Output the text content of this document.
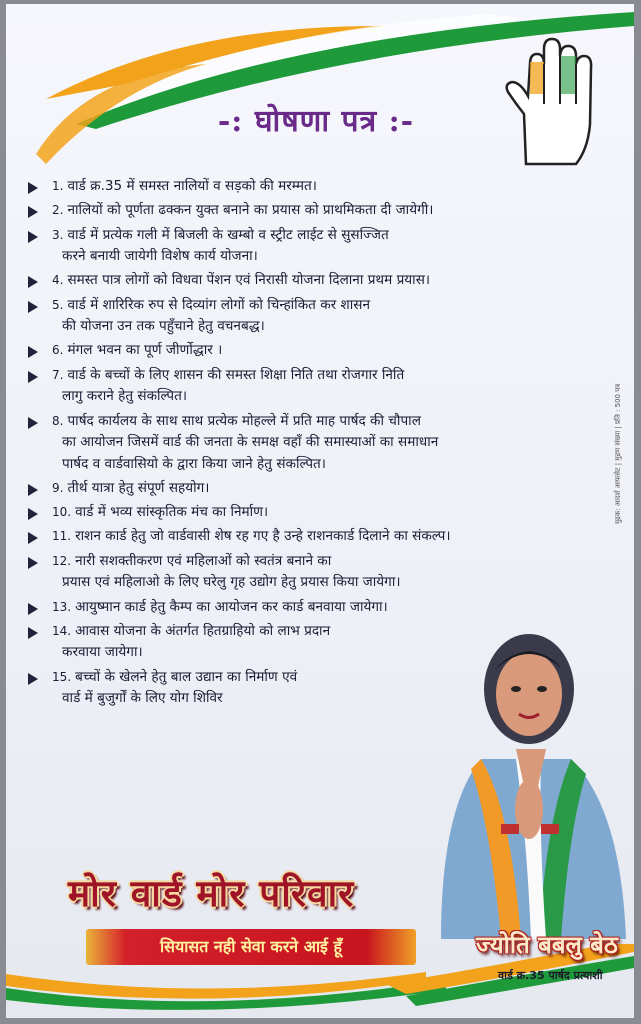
-: घोषणा पत्र :-
1. वार्ड क्र.35 में समस्त नालियों व सड़को की मरम्मत।
2. नालियों को पूर्णता ढक्कन युक्त बनाने का प्रयास को प्राथमिकता दी जायेगी।
3. वार्ड में प्रत्येक गली में बिजली के खम्बो व स्ट्रीट लाईट से सुसज्जित
करने बनायी जायेगी विशेष कार्य योजना।
4. समस्त पात्र लोगों को विधवा पेंशन एवं निरासी योजना दिलाना प्रथम प्रयास।
5. वार्ड में शारिरिक रुप से दिव्यांग लोगों को चिन्हांकित कर शासन
की योजना उन तक पहुँचाने हेतु वचनबद्ध।
6. मंगल भवन का पूर्ण जीर्णोद्धार ।
7. वार्ड के बच्चों के लिए शासन की समस्त शिक्षा निति तथा रोजगार निति
लागु कराने हेतु संकल्पित।
8. पार्षद कार्यलय के साथ साथ प्रत्येक मोहल्ले में प्रति माह पार्षद की चौपाल
का आयोजन जिसमें वार्ड की जनता के समक्ष वहाँ की समास्याओं का समाधान
पार्षद व वार्डवासियो के द्वारा किया जाने हेतु संकल्पित।
9. तीर्थ यात्रा हेतु संपूर्ण सहयोग।
10. वार्ड में भव्य सांस्कृतिक मंच का निर्माण।
11. राशन कार्ड हेतु जो वार्डवासी शेष रह गए है उन्हे राशनकार्ड दिलाने का संकल्प।
12. नारी सशक्तीकरण एवं महिलाओं को स्वतंत्र बनाने का
प्रयास एवं महिलाओ के लिए घरेलु गृह उद्योग हेतु प्रयास किया जायेगा।
13. आयुष्मान कार्ड हेतु कैम्प का आयोजन कर कार्ड बनवाया जायेगा।
14. आवास योजना के अंतर्गत हितग्राहियो को लाभ प्रदान
करवाया जायेगा।
15. बच्चों के खेलने हेतु बाल उद्यान का निर्माण एवं
वार्ड में बुजुर्गों के लिए योग शिविर
मुद्रक: आदर्श आफसेट | मुद्रण संख्या | प्रति : 500 पत्र
मोर वार्ड मोर परिवार
सियासत नही सेवा करने आई हूँ	ज्योति बबलु बेठ
वार्ड क्र.35 पार्षद प्रत्याशी
